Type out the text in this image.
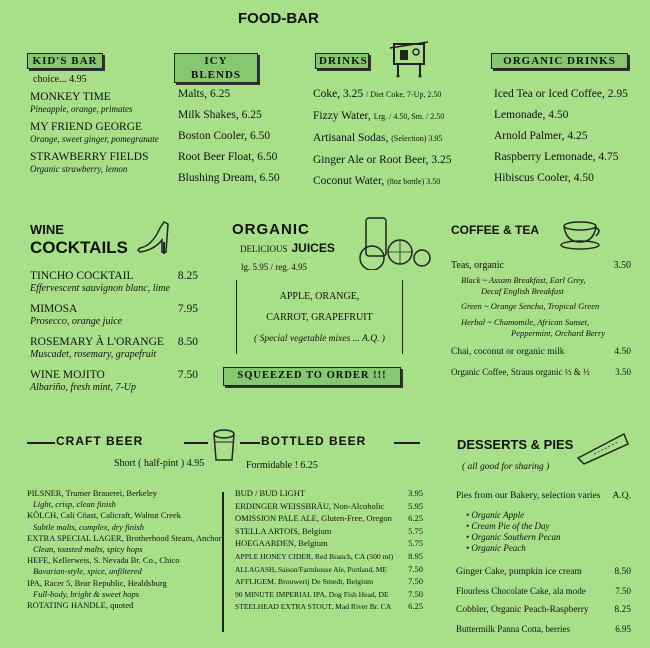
FOOD-BAR
KID'S BAR
choice... 4.95
MONKEY TIME
Pineapple, orange, primates
MY FRIEND GEORGE
Orange, sweet ginger, pomegranate
STRAWBERRY FIELDS
Organic strawberry, lemon
ICY BLENDS
Malts, 6.25
Milk Shakes, 6.25
Boston Cooler, 6.50
Root Beer Float, 6.50
Blushing Dream, 6.50
DRINKS
Coke, 3.25 / Diet Coke, 7-Up, 2.50
Fizzy Water, Lrg. / 4.50, Sm. / 2.50
Artisanal Sodas, (Selection) 3.95
Ginger Ale or Root Beer, 3.25
Coconut Water, (8oz bottle) 3.50
ORGANIC DRINKS
Iced Tea or Iced Coffee, 2.95
Lemonade, 4.50
Arnold Palmer, 4.25
Raspberry Lemonade, 4.75
Hibiscus Cooler, 4.50
WINE
COCKTAILS
TINCHO COCKTAIL	8.25
Effervescent sauvignon blanc, lime
MIMOSA	7.95
Prosecco, orange juice
ROSEMARY À L'ORANGE	8.50
Muscadet, rosemary, grapefruit
WINE MOJITO	7.50
Albariño, fresh mint, 7-Up
ORGANIC
DELICIOUS JUICES
lg. 5.95 / reg. 4.95
APPLE, ORANGE,
CARROT, GRAPEFRUIT
( Special vegetable mixes ... A.Q. )
SQUEEZED TO ORDER !!!
COFFEE & TEA
Teas, organic	3.50
Black ~ Assam Breakfast, Earl Grey,
Decaf English Breakfast
Green ~ Orange Sencha, Tropical Green
Herbal ~ Chamomile, African Sunset,
Peppermint, Orchard Berry
Chai, coconut or organic milk	4.50
Organic Coffee, Straus organic ½ & ½	3.50
CRAFT BEER	BOTTLED BEER
Short ( half-pint ) 4.95	Formidable ! 6.25
PILSNER, Trumer Brauerei, Berkeley
Light, crisp, clean finish
KÖLCH, Cali Cöast, Calicraft, Walnut Creek
Subtle malts, complex, dry finish
EXTRA SPECIAL LAGER, Brotherhood Steam, Anchor
Clean, toasted malts, spicy hops
HEFE, Kellerweis, S. Nevada Br. Co., Chico
Bavarian-style, spice, unfiltered
IPA, Racer 5, Bear Republic, Healdsburg
Full-body, bright & sweet hops
ROTATING HANDLE, quoted
BUD / BUD LIGHT	3.95
ERDINGER WEISSBRÄU, Non-Alcoholic	5.95
OMISSION PALE ALE, Gluten-Free, Oregon 6.25
STELLA ARTOIS, Belgium	5.75
HOEGAARDEN, Belgium	5.75
APPLE HONEY CIDER, Red Branch, CA (500 ml) 8.95
ALLAGASH, Saison/Farmhouse Ale, Portland, ME	7.50
AFFLIGEM, Brouwerij De Smedt, Belgium	7.50
90 MINUTE IMPERIAL IPA, Dog Fish Head, DE 7.50
STEELHEAD EXTRA STOUT, Mad River Br. CA 6.25
DESSERTS & PIES
( all good for sharing )
Pies from our Bakery, selection varies A.Q.
• Organic Apple
• Cream Pie of the Day
• Organic Southern Pecan
• Organic Peach
Ginger Cake, pumpkin ice cream	8.50
Flourless Chocolate Cake, ala mode	7.50
Cobbler, Organic Peach-Raspberry	8.25
Buttermilk Panna Cotta, berries	6.95
